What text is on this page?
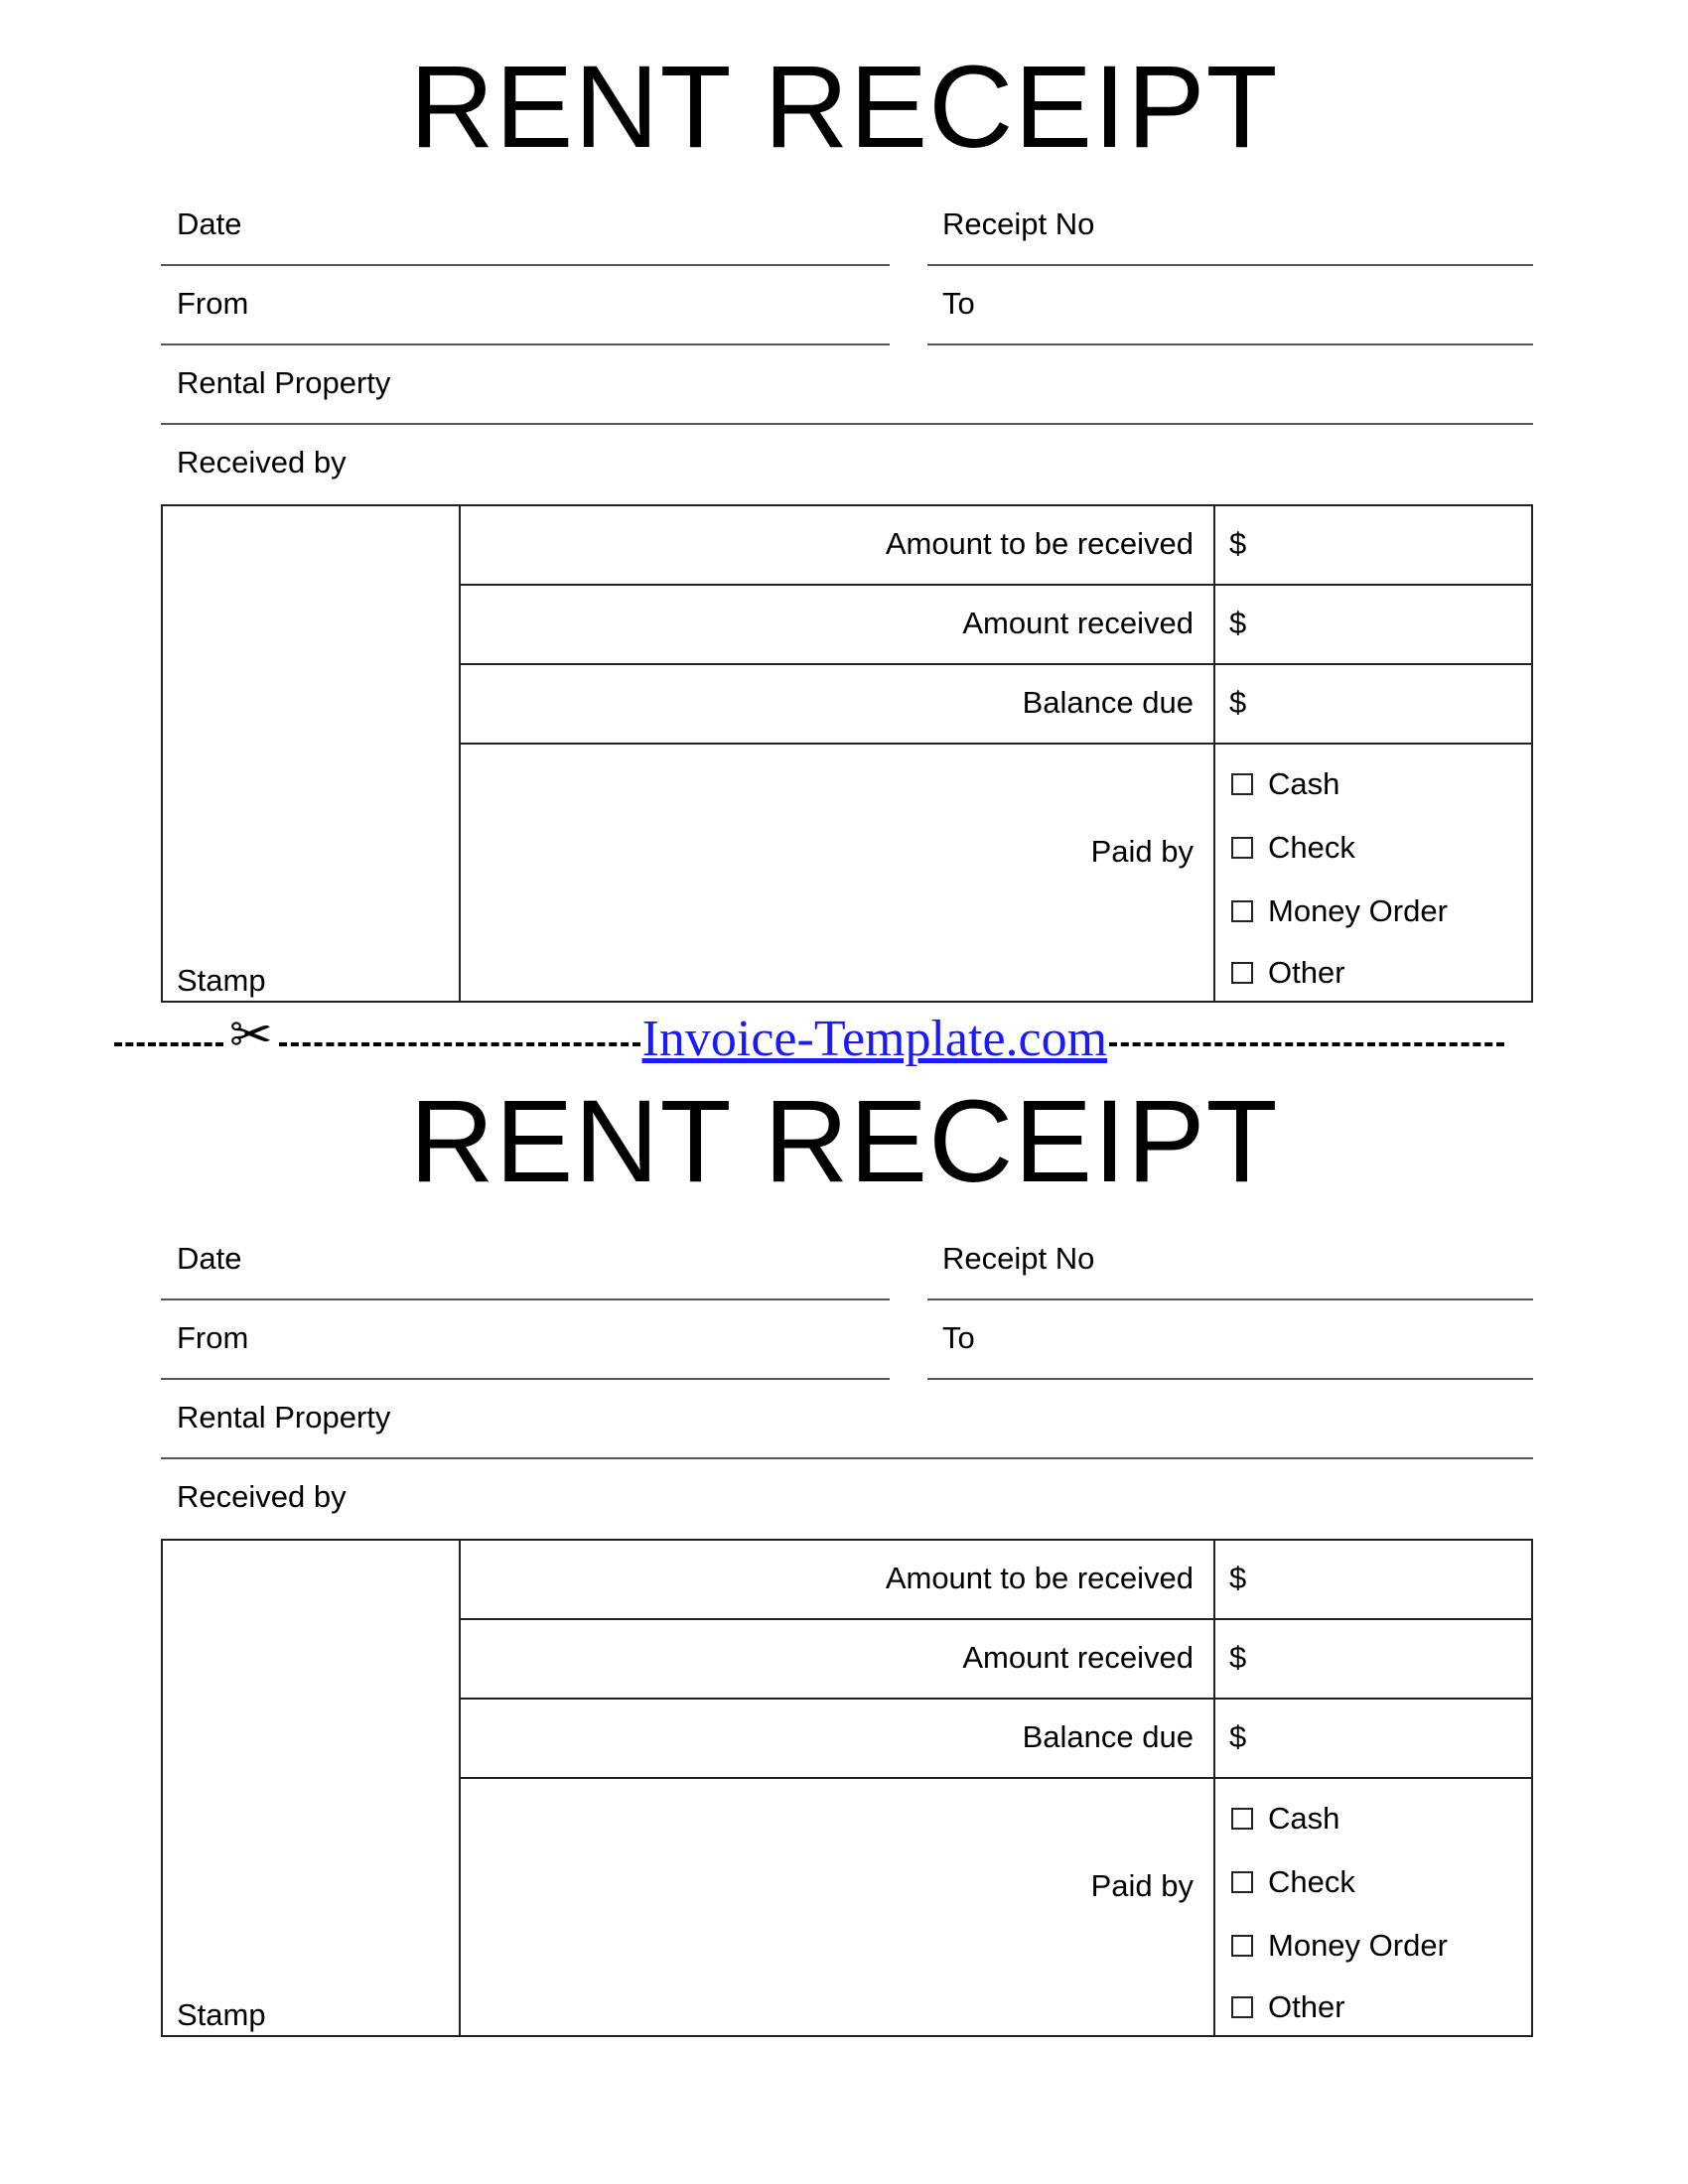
RENT RECEIPT
Date	Receipt No
From	To
Rental Property
Received by
Stamp
Amount to be received $
Amount received $
Balance due $
Paid by
Cash
Check
Money Order
Other
✂	Invoice-Template.com
RENT RECEIPT
Date	Receipt No
From	To
Rental Property
Received by
Stamp
Amount to be received $
Amount received $
Balance due $
Paid by
Cash
Check
Money Order
Other
